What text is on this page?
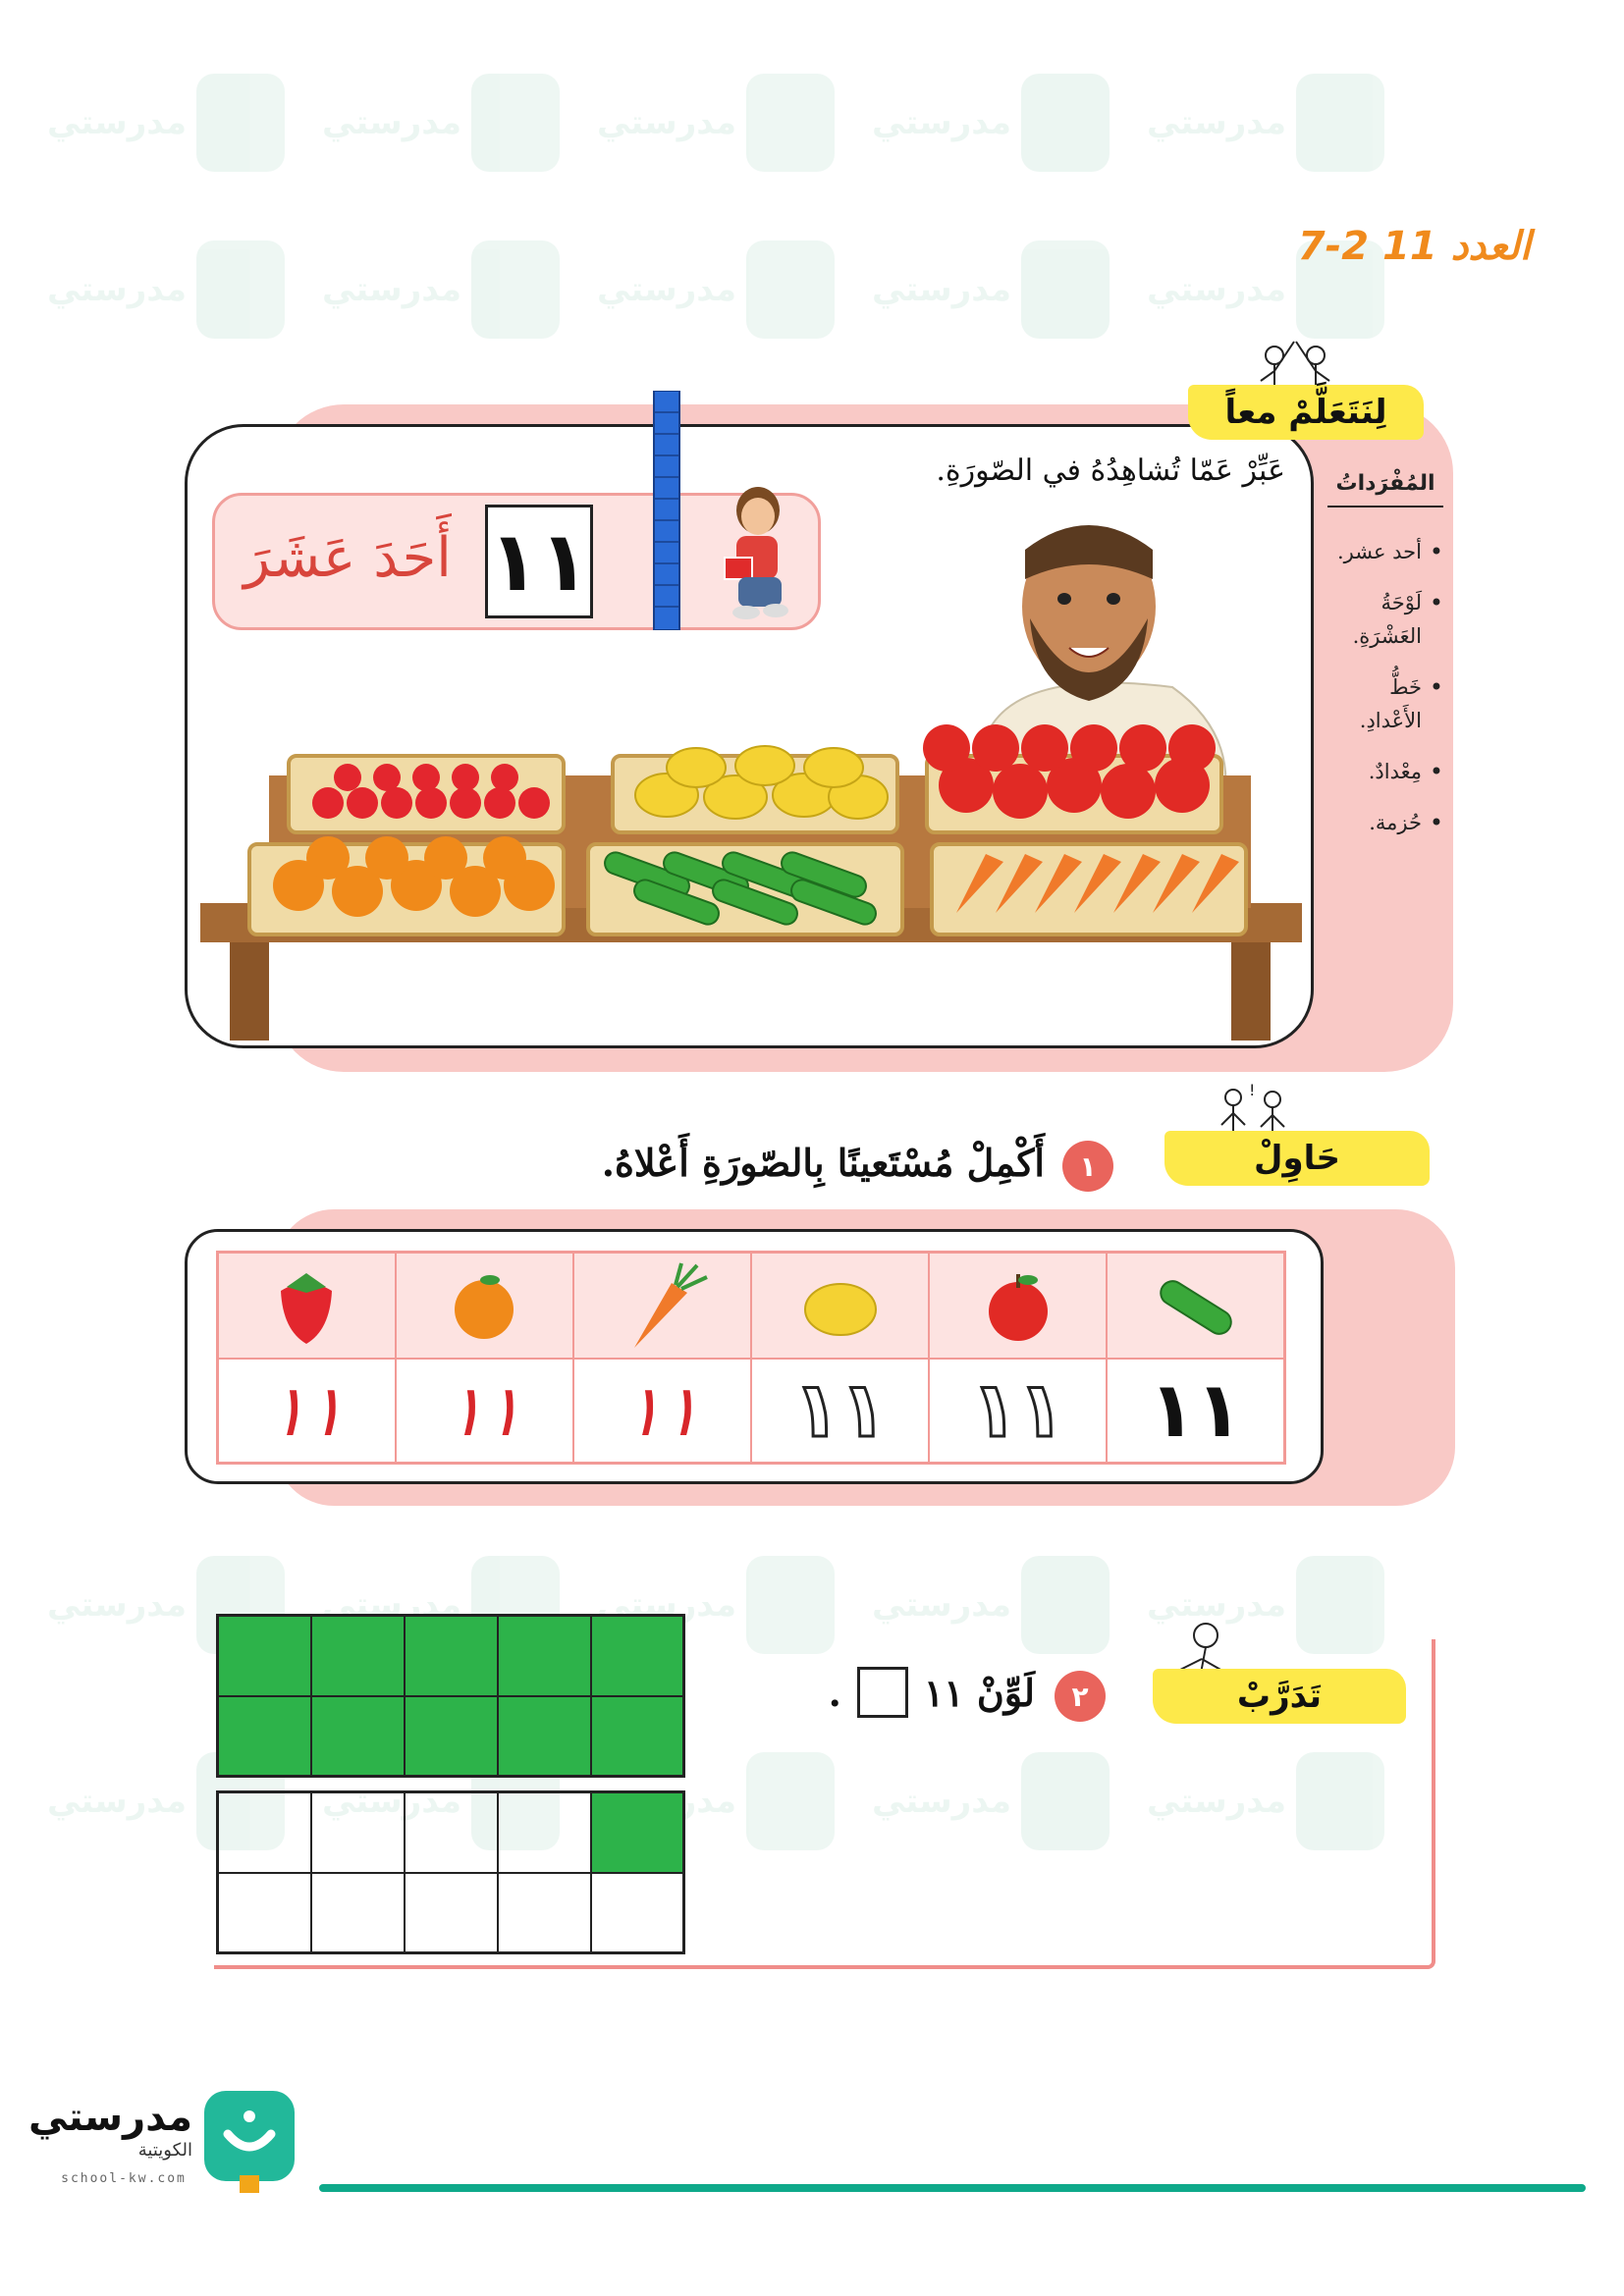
مدرستي	مدرستي	مدرستي	مدرستي	مدرستي
مدرستي	مدرستي	مدرستي	مدرستي	مدرستي
مدرستي	مدرستي	مدرستي	مدرستي	مدرستي
مدرستي	مدرستي	مدرستي	مدرستي
7-2 العدد 11
لِنَتَعَلَّمْ معاً
عَبِّرْ عَمّا تُشاهِدُهُ في الصّورَةِ.	المُفْرَداتُ
• أحد عشر.
• لَوْحَةُ العَشْرَةِ.
• خَطُّ الأَعْدادِ.
• مِعْدادٌ.
• حُزمة.
أَحَدَ عَشَرَ ١١
!
حَاوِلْ
١
أَكْمِلْ مُسْتَعينًا بِالصّورَةِ أَعْلاهُ.

١١	١١	١١	١١	١١	١١
تَدَرَّبْ
٢
لَوِّنْ ١١
.

مدرستي
الكويتية
school-kw.com
